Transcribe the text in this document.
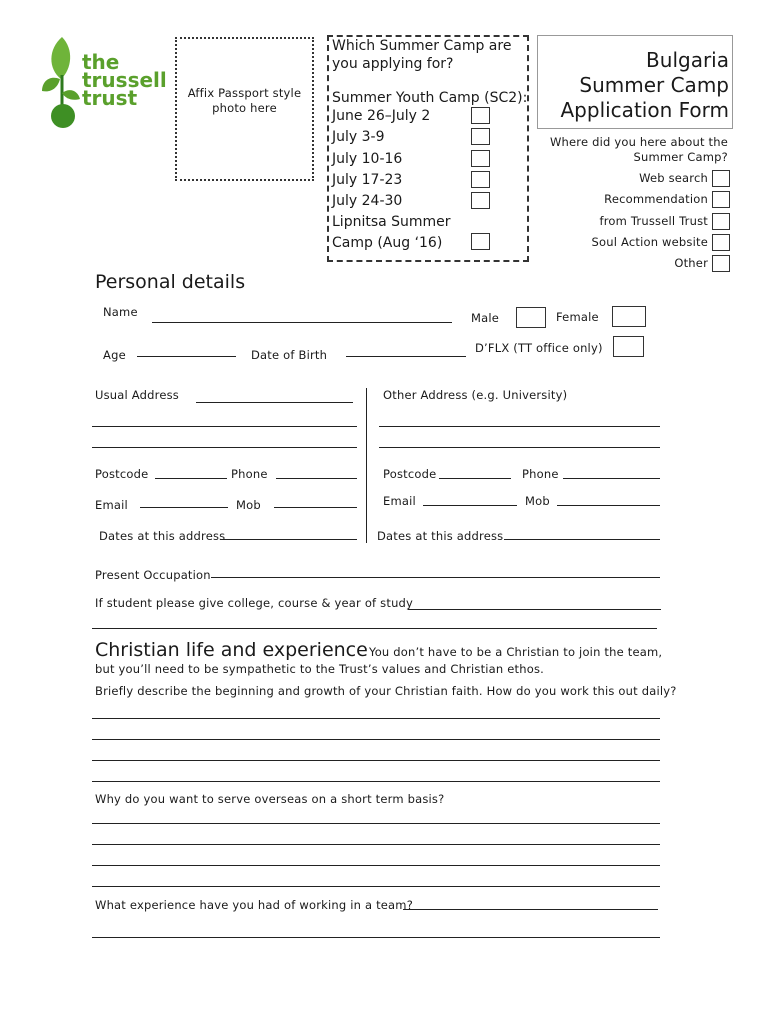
the
trussell
trust	Affix Passport style
photo here
Which Summer Camp are
you applying for?
Summer Youth Camp (SC2):
June 26–July 2
July 3-9
July 10-16
July 17-23
July 24-30
Lipnitsa Summer
Camp (Aug ‘16)
Bulgaria
Summer Camp
Application Form
Where did you here about the
Summer Camp?
Web search
Recommendation
from Trussell Trust
Soul Action website
Other
Personal details
Name	Male	Female
Age	Date of Birth	D’FLX (TT office only)
Usual Address	Other Address (e.g. University)
Postcode	Phone	Postcode	Phone
Email	Mob	Email	Mob
Dates at this address	Dates at this address
Present Occupation
If student please give college, course & year of study
Christian life and experience You don’t have to be a Christian to join the team,
but you’ll need to be sympathetic to the Trust’s values and Christian ethos.
Briefly describe the beginning and growth of your Christian faith. How do you work this out daily?
Why do you want to serve overseas on a short term basis?
What experience have you had of working in a team?
